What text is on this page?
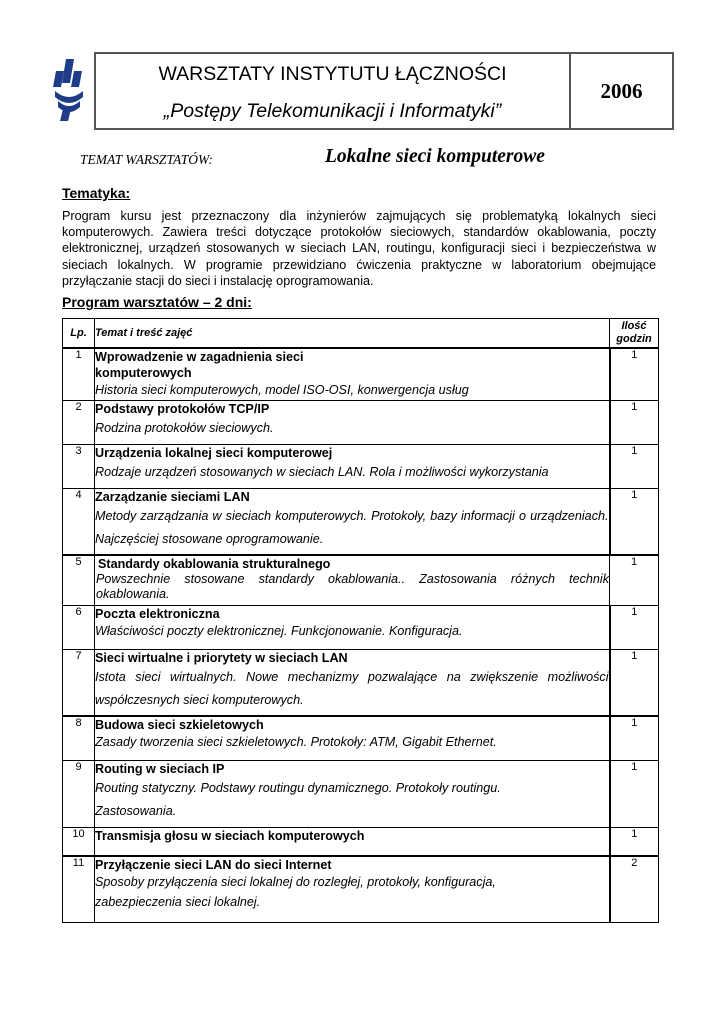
WARSZTATY INSTYTUTU ŁĄCZNOŚCI
„Postępy Telekomunikacji i Informatyki”
2006
TEMAT WARSZTATÓW:	Lokalne sieci komputerowe
Tematyka:
Program kursu jest przeznaczony dla inżynierów zajmujących się problematyką lokalnych sieci komputerowych. Zawiera treści dotyczące protokołów sieciowych, standardów okablowania, poczty elektronicznej, urządzeń stosowanych w sieciach LAN, routingu, konfiguracji sieci i bezpieczeństwa w sieciach lokalnych. W programie przewidziano ćwiczenia praktyczne w laboratorium obejmujące przyłączanie stacji do sieci i instalację oprogramowania.
Program warsztatów – 2 dni:
Lp.	Temat i treść zajęć	Ilość
godzin

1	Wprowadzenie w zagadnienia sieci
komputerowych
Historia sieci komputerowych, model ISO-OSI, konwergencja usług	1
2	Podstawy protokołów TCP/IP
Rodzina protokołów sieciowych.	1
3	Urządzenia lokalnej sieci komputerowej
Rodzaje urządzeń stosowanych w sieciach LAN. Rola i możliwości wykorzystania	1
4	Zarządzanie sieciami LAN
Metody zarządzania w sieciach komputerowych. Protokoły, bazy informacji o urządzeniach. Najczęściej stosowane oprogramowanie.	1
5	Standardy okablowania strukturalnego
Powszechnie stosowane standardy okablowania.. Zastosowania różnych technik okablowania.	1
6	Poczta elektroniczna
Właściwości poczty elektronicznej. Funkcjonowanie. Konfiguracja.	1
7	Sieci wirtualne i priorytety w sieciach LAN
Istota sieci wirtualnych. Nowe mechanizmy pozwalające na zwiększenie możliwości współczesnych sieci komputerowych.	1
8	Budowa sieci szkieletowych
Zasady tworzenia sieci szkieletowych. Protokoły: ATM, Gigabit Ethernet.	1
9	Routing w sieciach IP
Routing statyczny. Podstawy routingu dynamicznego. Protokoły routingu.
Zastosowania.	1
10	Transmisja głosu w sieciach komputerowych	1
11	Przyłączenie sieci LAN do sieci Internet
Sposoby przyłączenia sieci lokalnej do rozległej, protokoły, konfiguracja,
zabezpieczenia sieci lokalnej.	2
